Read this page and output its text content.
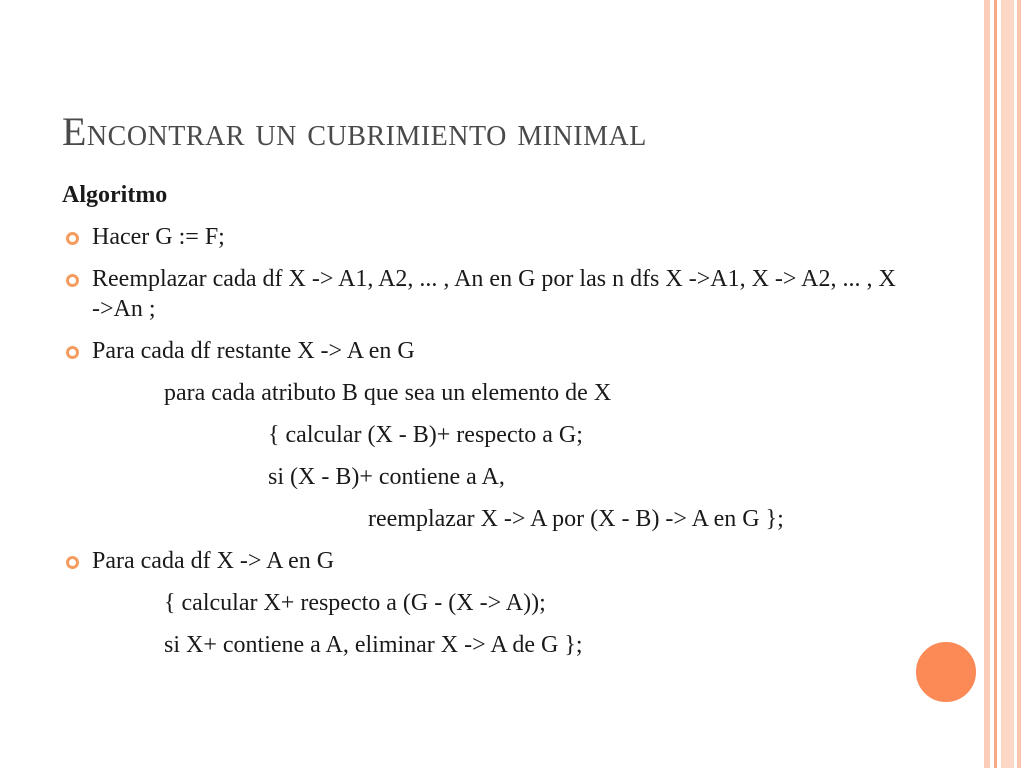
Encontrar un cubrimiento minimal
Algoritmo
Hacer G := F;
Reemplazar cada df X -> A1, A2, ... , An en G por las n dfs X ->A1, X -> A2, ... , X ->An ;
Para cada df restante X -> A en G
para cada atributo B que sea un elemento de X
{ calcular (X - B)+ respecto a G;
si (X - B)+ contiene a A,
reemplazar X -> A por (X - B) -> A en G };
Para cada df X -> A en G
{ calcular X+ respecto a (G - (X -> A));
si X+ contiene a A, eliminar X -> A de G };
